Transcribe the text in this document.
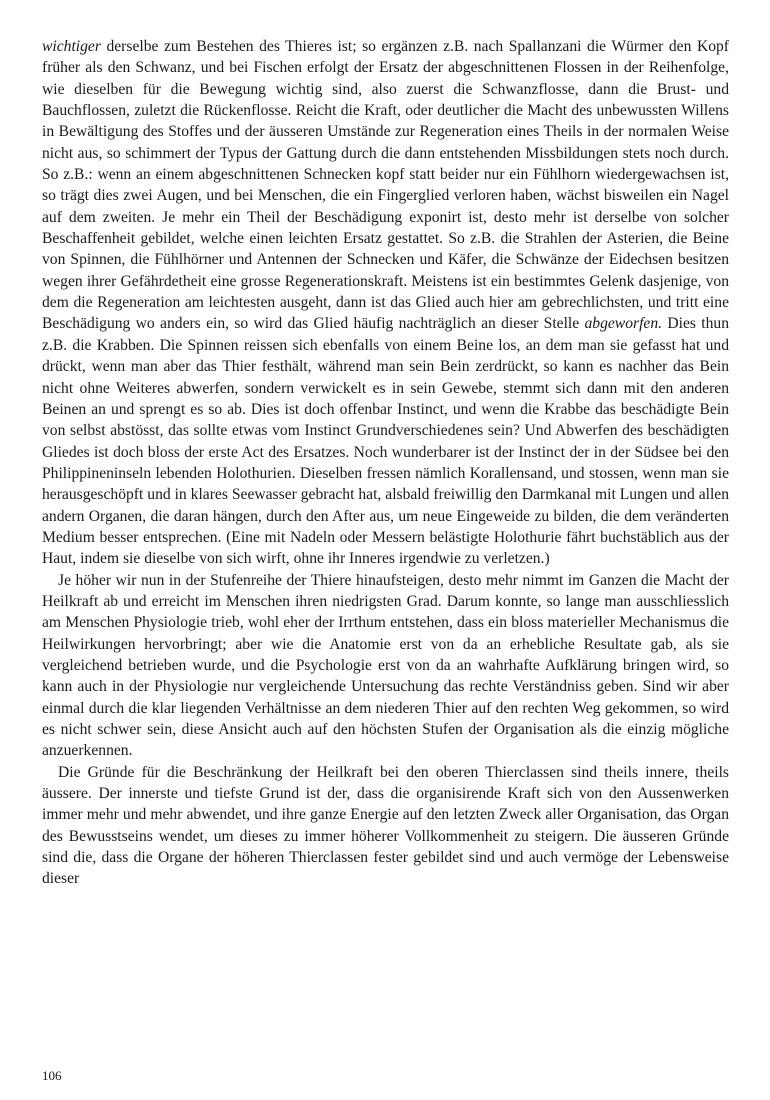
wichtiger derselbe zum Bestehen des Thieres ist; so ergänzen z.B. nach Spallanzani die Würmer den Kopf früher als den Schwanz, und bei Fischen erfolgt der Ersatz der abgeschnittenen Flossen in der Reihenfolge, wie dieselben für die Bewegung wichtig sind, also zuerst die Schwanzflosse, dann die Brust- und Bauchflossen, zuletzt die Rückenflosse. Reicht die Kraft, oder deutlicher die Macht des unbewussten Willens in Bewältigung des Stoffes und der äusseren Umstände zur Regeneration eines Theils in der normalen Weise nicht aus, so schimmert der Typus der Gattung durch die dann entstehenden Missbildungen stets noch durch. So z.B.: wenn an einem abgeschnittenen Schnecken kopf statt beider nur ein Fühlhorn wiedergewachsen ist, so trägt dies zwei Augen, und bei Menschen, die ein Fingerglied verloren haben, wächst bisweilen ein Nagel auf dem zweiten. Je mehr ein Theil der Beschädigung exponirt ist, desto mehr ist derselbe von solcher Beschaffenheit gebildet, welche einen leichten Ersatz gestattet. So z.B. die Strahlen der Asterien, die Beine von Spinnen, die Fühlhörner und Antennen der Schnecken und Käfer, die Schwänze der Eidechsen besitzen wegen ihrer Gefährdetheit eine grosse Regenerationskraft. Meistens ist ein bestimmtes Gelenk dasjenige, von dem die Regeneration am leichtesten ausgeht, dann ist das Glied auch hier am gebrechlichsten, und tritt eine Beschädigung wo anders ein, so wird das Glied häufig nachträglich an dieser Stelle abgeworfen. Dies thun z.B. die Krabben. Die Spinnen reissen sich ebenfalls von einem Beine los, an dem man sie gefasst hat und drückt, wenn man aber das Thier festhält, während man sein Bein zerdrückt, so kann es nachher das Bein nicht ohne Weiteres abwerfen, sondern verwickelt es in sein Gewebe, stemmt sich dann mit den anderen Beinen an und sprengt es so ab. Dies ist doch offenbar Instinct, und wenn die Krabbe das beschädigte Bein von selbst abstösst, das sollte etwas vom Instinct Grundverschiedenes sein? Und Abwerfen des beschädigten Gliedes ist doch bloss der erste Act des Ersatzes. Noch wunderbarer ist der Instinct der in der Südsee bei den Philippineninseln lebenden Holothurien. Dieselben fressen nämlich Korallensand, und stossen, wenn man sie herausgeschöpft und in klares Seewasser gebracht hat, alsbald freiwillig den Darmkanal mit Lungen und allen andern Organen, die daran hängen, durch den After aus, um neue Eingeweide zu bilden, die dem veränderten Medium besser entsprechen. (Eine mit Nadeln oder Messern belästigte Holothurie fährt buchstäblich aus der Haut, indem sie dieselbe von sich wirft, ohne ihr Inneres irgendwie zu verletzen.)

Je höher wir nun in der Stufenreihe der Thiere hinaufsteigen, desto mehr nimmt im Ganzen die Macht der Heilkraft ab und erreicht im Menschen ihren niedrigsten Grad. Darum konnte, so lange man ausschliesslich am Menschen Physiologie trieb, wohl eher der Irrthum entstehen, dass ein bloss materieller Mechanismus die Heilwirkungen hervorbringt; aber wie die Anatomie erst von da an erhebliche Resultate gab, als sie vergleichend betrieben wurde, und die Psychologie erst von da an wahrhafte Aufklärung bringen wird, so kann auch in der Physiologie nur vergleichende Untersuchung das rechte Verständniss geben. Sind wir aber einmal durch die klar liegenden Verhältnisse an dem niederen Thier auf den rechten Weg gekommen, so wird es nicht schwer sein, diese Ansicht auch auf den höchsten Stufen der Organisation als die einzig mögliche anzuerkennen.

Die Gründe für die Beschränkung der Heilkraft bei den oberen Thierclassen sind theils innere, theils äussere. Der innerste und tiefste Grund ist der, dass die organisirende Kraft sich von den Aussenwerken immer mehr und mehr abwendet, und ihre ganze Energie auf den letzten Zweck aller Organisation, das Organ des Bewusstseins wendet, um dieses zu immer höherer Vollkommenheit zu steigern. Die äusseren Gründe sind die, dass die Organe der höheren Thierclassen fester gebildet sind und auch vermöge der Lebensweise dieser

106
